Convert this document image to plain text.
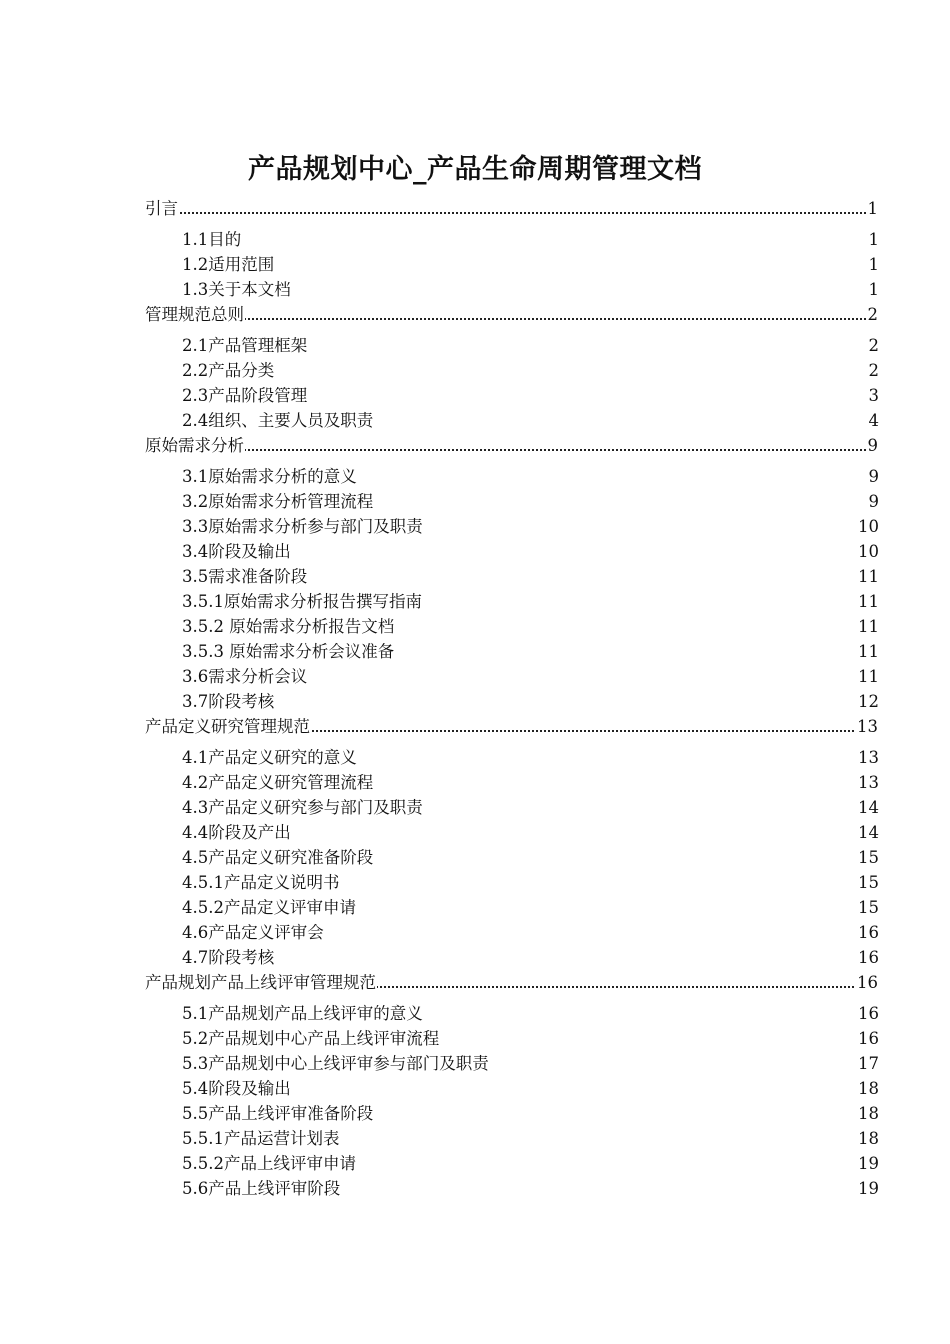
产品规划中心_产品生命周期管理文档
引言	1
1.1目的	1
1.2适用范围	1
1.3关于本文档	1
管理规范总则	2
2.1产品管理框架	2
2.2产品分类	2
2.3产品阶段管理	3
2.4组织、主要人员及职责	4
原始需求分析	9
3.1原始需求分析的意义	9
3.2原始需求分析管理流程	9
3.3原始需求分析参与部门及职责	10
3.4阶段及输出	10
3.5需求准备阶段	11
3.5.1原始需求分析报告撰写指南	11
3.5.2 原始需求分析报告文档	11
3.5.3 原始需求分析会议准备	11
3.6需求分析会议	11
3.7阶段考核	12
产品定义研究管理规范	13
4.1产品定义研究的意义	13
4.2产品定义研究管理流程	13
4.3产品定义研究参与部门及职责	14
4.4阶段及产出	14
4.5产品定义研究准备阶段	15
4.5.1产品定义说明书	15
4.5.2产品定义评审申请	15
4.6产品定义评审会	16
4.7阶段考核	16
产品规划产品上线评审管理规范	16
5.1产品规划产品上线评审的意义	16
5.2产品规划中心产品上线评审流程	16
5.3产品规划中心上线评审参与部门及职责	17
5.4阶段及输出	18
5.5产品上线评审准备阶段	18
5.5.1产品运营计划表	18
5.5.2产品上线评审申请	19
5.6产品上线评审阶段	19
